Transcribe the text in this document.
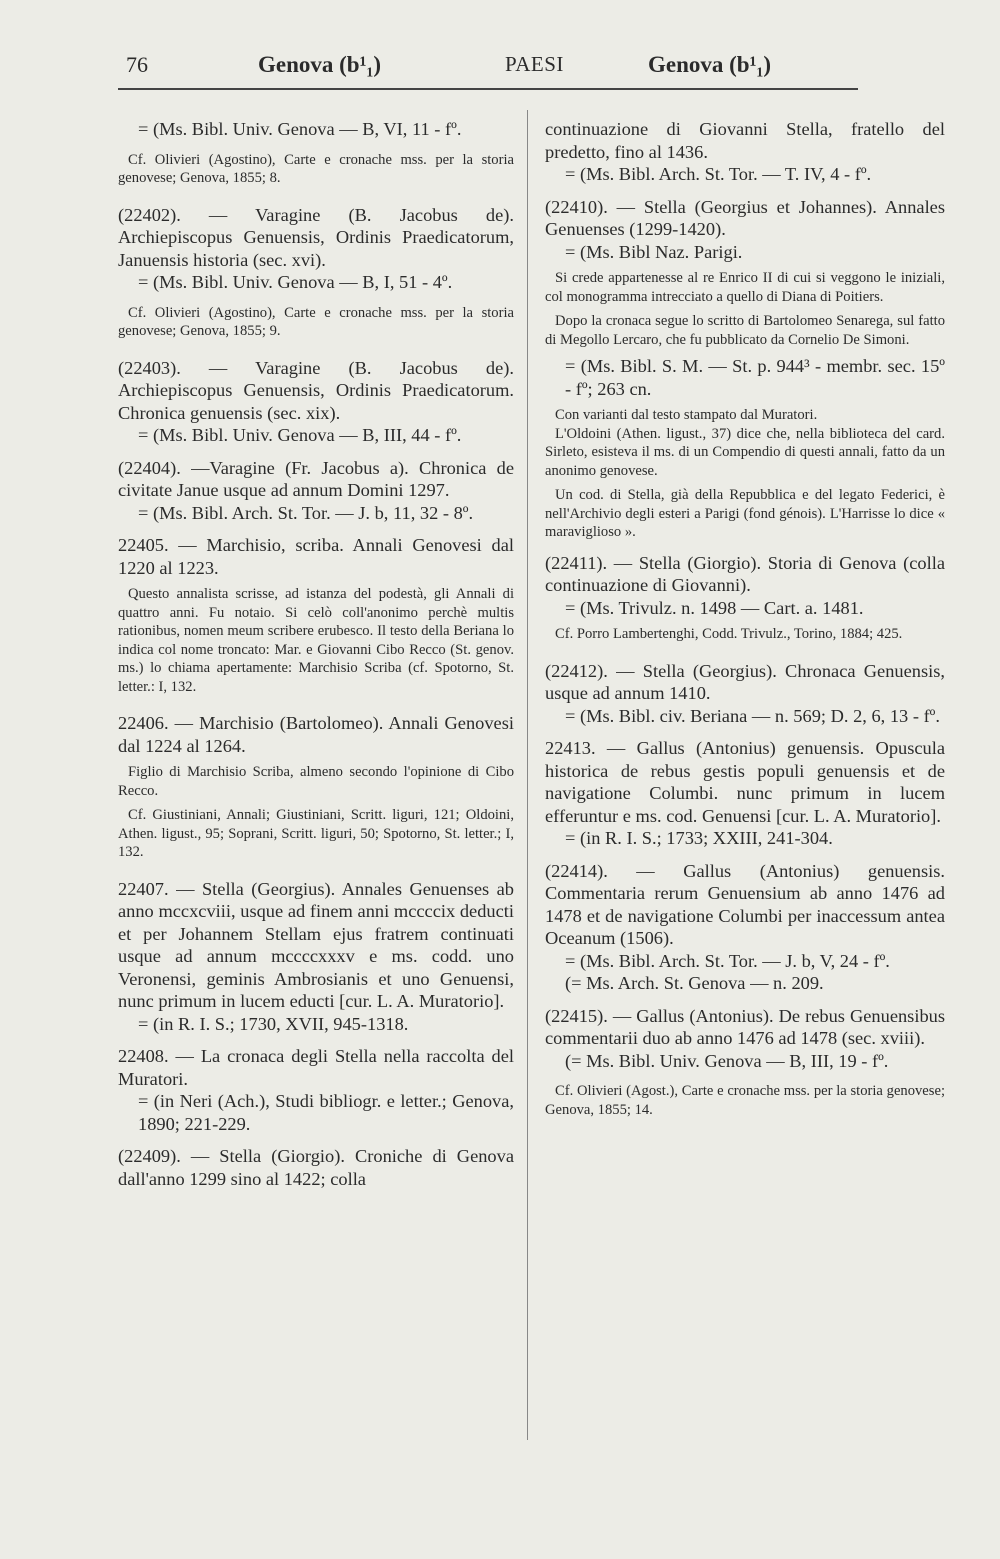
76	Genova (b¹₁)	PAESI	Genova (b¹₁)

= (Ms. Bibl. Univ. Genova — B, VI, 11 - fº.

Cf. Olivieri (Agostino), Carte e cronache mss. per la storia genovese; Genova, 1855; 8.

(22402). — Varagine (B. Jacobus de). Archiepiscopus Genuensis, Ordinis Praedicatorum, Januensis historia (sec. xvi).

= (Ms. Bibl. Univ. Genova — B, I, 51 - 4º.

Cf. Olivieri (Agostino), Carte e cronache mss. per la storia genovese; Genova, 1855; 9.

(22403). — Varagine (B. Jacobus de). Archiepiscopus Genuensis, Ordinis Praedicatorum. Chronica genuensis (sec. xix).

= (Ms. Bibl. Univ. Genova — B, III, 44 - fº.

(22404). —Varagine (Fr. Jacobus a). Chronica de civitate Janue usque ad annum Domini 1297.

= (Ms. Bibl. Arch. St. Tor. — J. b, 11, 32 - 8º.

22405. — Marchisio, scriba. Annali Genovesi dal 1220 al 1223.

Questo annalista scrisse, ad istanza del podestà, gli Annali di quattro anni. Fu notaio. Si celò coll'anonimo perchè multis rationibus, nomen meum scribere erubesco. Il testo della Beriana lo indica col nome troncato: Mar. e Giovanni Cibo Recco (St. genov. ms.) lo chiama apertamente: Marchisio Scriba (cf. Spotorno, St. letter.: I, 132.

22406. — Marchisio (Bartolomeo). Annali Genovesi dal 1224 al 1264.

Figlio di Marchisio Scriba, almeno secondo l'opinione di Cibo Recco.

Cf. Giustiniani, Annali; Giustiniani, Scritt. liguri, 121; Oldoini, Athen. ligust., 95; Soprani, Scritt. liguri, 50; Spotorno, St. letter.; I, 132.

22407. — Stella (Georgius). Annales Genuenses ab anno mccxcviii, usque ad finem anni mccccix deducti et per Johannem Stellam ejus fratrem continuati usque ad annum mccccxxxv e ms. codd. uno Veronensi, geminis Ambrosianis et uno Genuensi, nunc primum in lucem educti [cur. L. A. Muratorio].

= (in R. I. S.; 1730, XVII, 945-1318.

22408. — La cronaca degli Stella nella raccolta del Muratori.

= (in Neri (Ach.), Studi bibliogr. e letter.; Genova, 1890; 221-229.

(22409). — Stella (Giorgio). Croniche di Genova dall'anno 1299 sino al 1422; colla

continuazione di Giovanni Stella, fratello del predetto, fino al 1436.

= (Ms. Bibl. Arch. St. Tor. — T. IV, 4 - fº.

(22410). — Stella (Georgius et Johannes). Annales Genuenses (1299-1420).

= (Ms. Bibl Naz. Parigi.

Si crede appartenesse al re Enrico II di cui si veggono le iniziali, col monogramma intrecciato a quello di Diana di Poitiers.

Dopo la cronaca segue lo scritto di Bartolomeo Senarega, sul fatto di Megollo Lercaro, che fu pubblicato da Cornelio De Simoni.

= (Ms. Bibl. S. M. — St. p. 944³ - membr. sec. 15º - fº; 263 cn.

Con varianti dal testo stampato dal Muratori.

L'Oldoini (Athen. ligust., 37) dice che, nella biblioteca del card. Sirleto, esisteva il ms. di un Compendio di questi annali, fatto da un anonimo genovese.

Un cod. di Stella, già della Repubblica e del legato Federici, è nell'Archivio degli esteri a Parigi (fond génois). L'Harrisse lo dice « maraviglioso ».

(22411). — Stella (Giorgio). Storia di Genova (colla continuazione di Giovanni).

= (Ms. Trivulz. n. 1498 — Cart. a. 1481.

Cf. Porro Lambertenghi, Codd. Trivulz., Torino, 1884; 425.

(22412). — Stella (Georgius). Chronaca Genuensis, usque ad annum 1410.

= (Ms. Bibl. civ. Beriana — n. 569; D. 2, 6, 13 - fº.

22413. — Gallus (Antonius) genuensis. Opuscula historica de rebus gestis populi genuensis et de navigatione Columbi. nunc primum in lucem efferuntur e ms. cod. Genuensi [cur. L. A. Muratorio].

= (in R. I. S.; 1733; XXIII, 241-304.

(22414). — Gallus (Antonius) genuensis. Commentaria rerum Genuensium ab anno 1476 ad 1478 et de navigatione Columbi per inaccessum antea Oceanum (1506).

= (Ms. Bibl. Arch. St. Tor. — J. b, V, 24 - fº.

(= Ms. Arch. St. Genova — n. 209.

(22415). — Gallus (Antonius). De rebus Genuensibus commentarii duo ab anno 1476 ad 1478 (sec. xviii).

(= Ms. Bibl. Univ. Genova — B, III, 19 - fº.

Cf. Olivieri (Agost.), Carte e cronache mss. per la storia genovese; Genova, 1855; 14.
